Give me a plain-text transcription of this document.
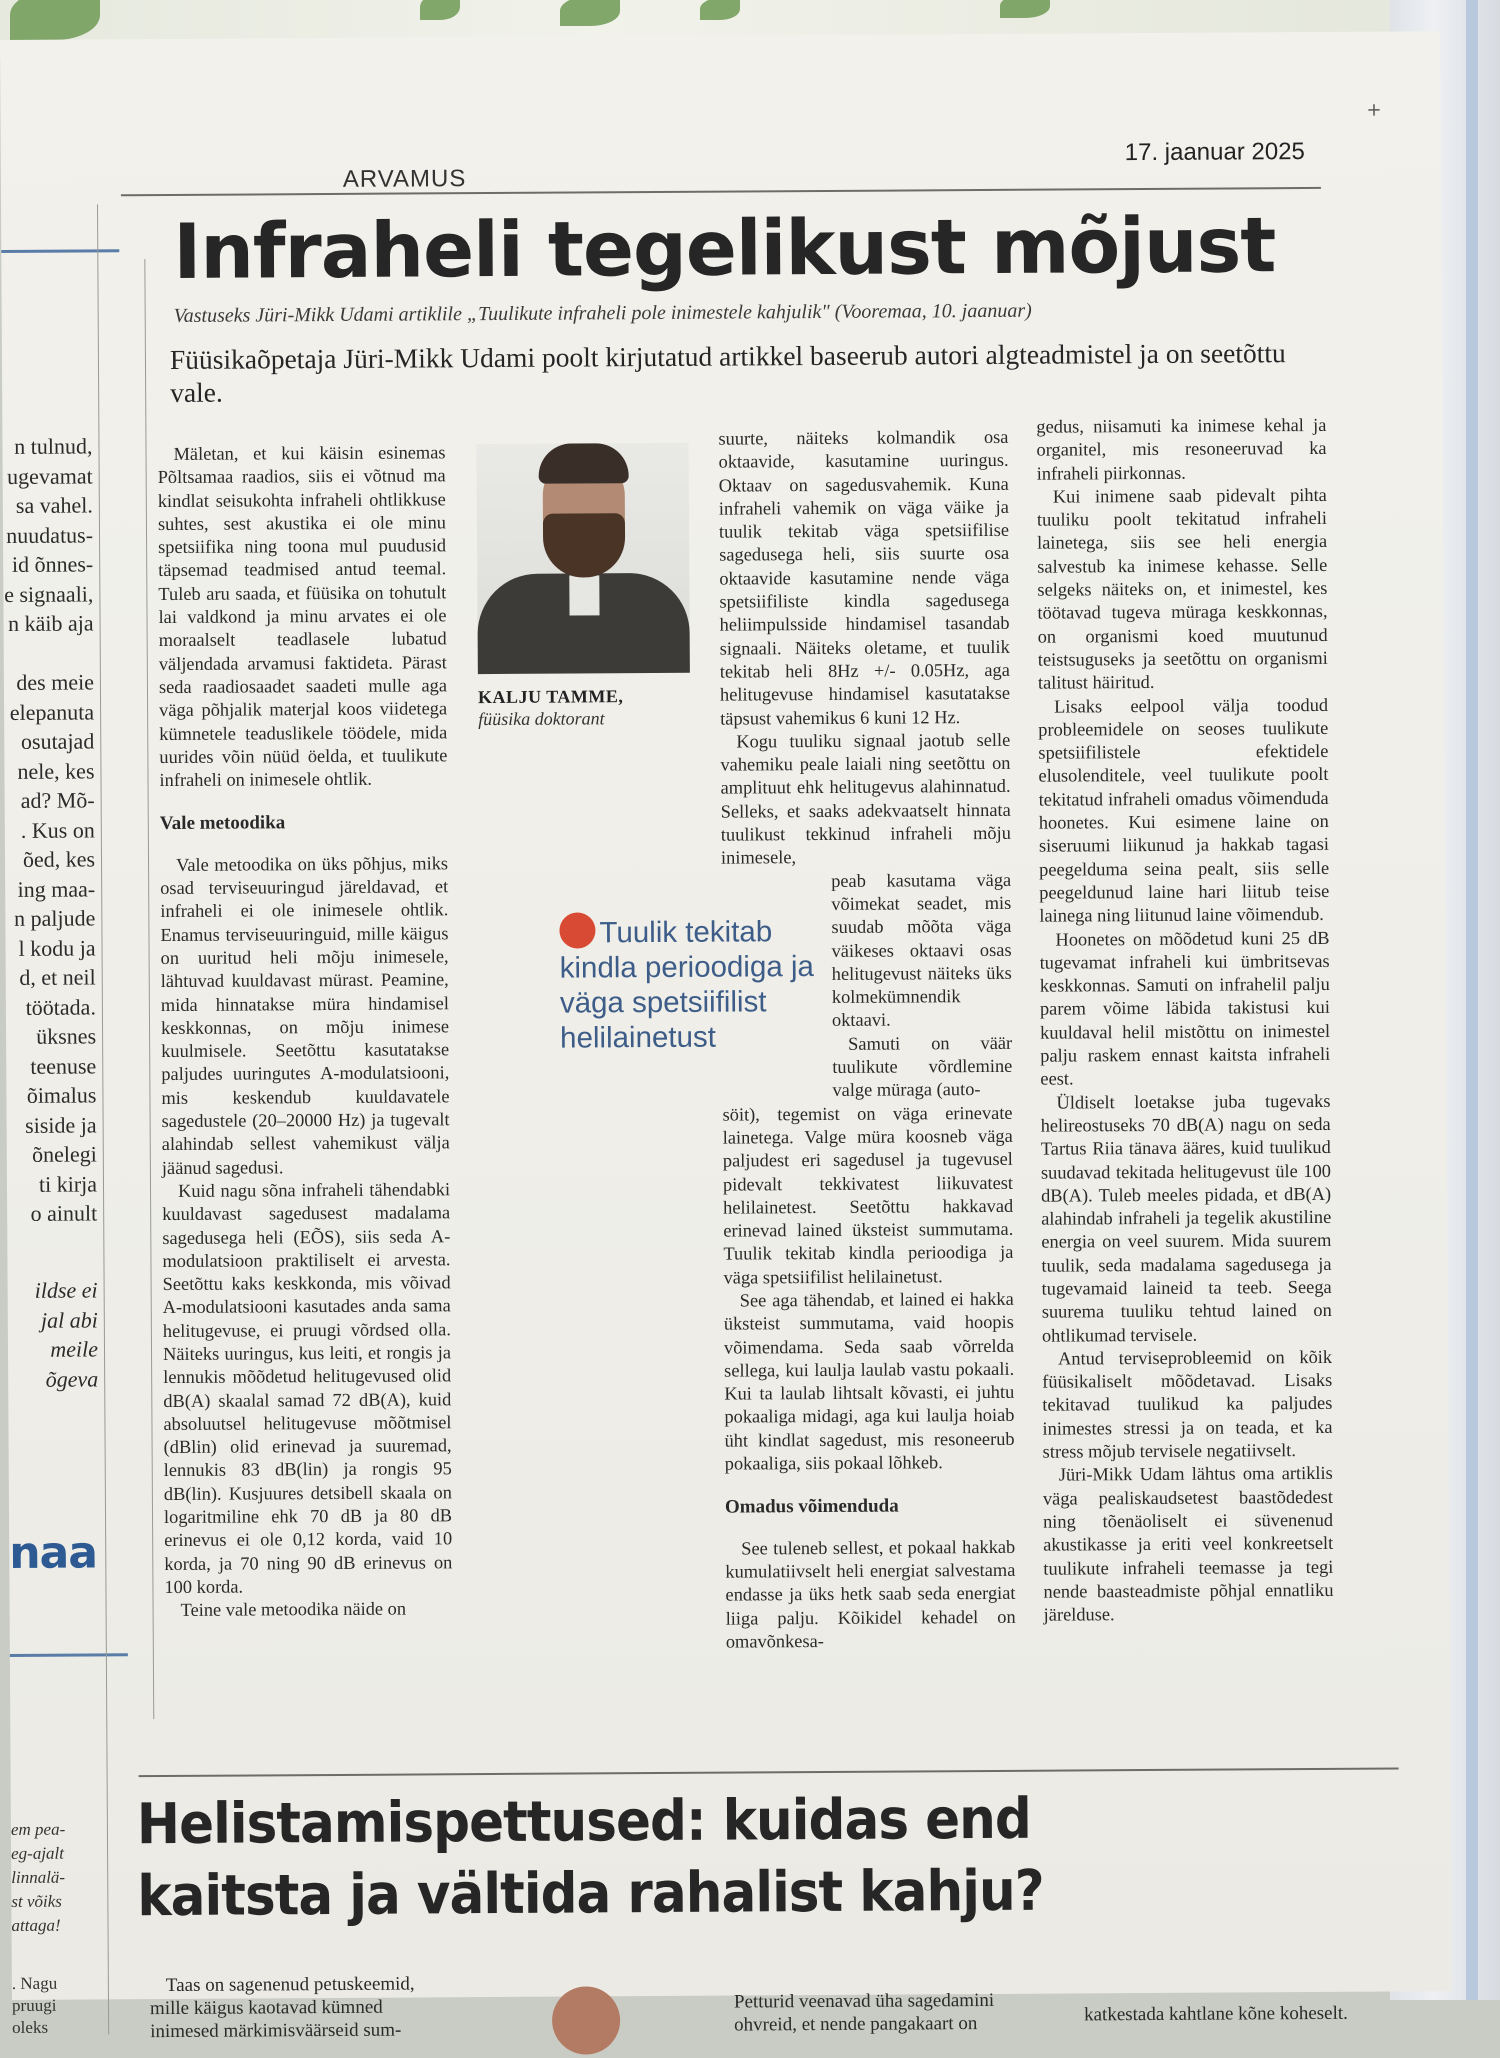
n tulnud,
ugevamat
sa vahel.
nuudatus-
id õnnes-
e signaali,
n käib aja
des meie
elepanuta
osutajad
nele, kes
ad? Mõ-
. Kus on
õed, kes
ing maa-
n paljude
l kodu ja
d, et neil
töötada.
üksnes
teenuse
õimalus
siside ja
õnelegi
ti kirja
o ainult
ildse ei
jal abi
meile
õgeva
naa
em pea-
eg-ajalt
linnalä-
st võiks
attaga!
. Nagu
pruugi
oleks
ARVAMUS
17. jaanuar 2025
+
Infraheli tegelikust mõjust
Vastuseks Jüri-Mikk Udami artiklile „Tuulikute infraheli pole inimestele kahjulik" (Vooremaa, 10. jaanuar)
Füüsikaõpetaja Jüri-Mikk Udami poolt kirjutatud artikkel baseerub autori algteadmistel ja on seetõttu vale.
KALJU TAMME,
füüsika doktorant

Mäletan, et kui käisin esinemas Põltsamaa raadios, siis ei võtnud ma kindlat seisukohta infraheli ohtlikkuse suhtes, sest akustika ei ole minu spetsiifika ning toona mul puudusid täpsemad teadmised antud teemal. Tuleb aru saada, et füüsika on tohutult lai valdkond ja minu arvates ei ole moraalselt teadlasele lubatud väljendada arvamusi faktideta. Pärast seda raadiosaadet saadeti mulle aga väga põhjalik materjal koos viidetega kümnetele teaduslikele töödele, mida uurides võin nüüd öelda, et tuulikute infraheli on inimesele ohtlik.

Vale metoodika

Vale metoodika on üks põhjus, miks osad terviseuuringud järeldavad, et infraheli ei ole inimesele ohtlik. Enamus terviseuuringuid, mille käigus on uuritud heli mõju inimesele, lähtuvad kuuldavast mürast. Peamine, mida hinnatakse müra hindamisel keskkonnas, on mõju inimese kuulmisele. Seetõttu kasutatakse paljudes uuringutes A-modulatsiooni, mis keskendub kuuldavatele sagedustele (20–20000 Hz) ja tugevalt alahindab sellest vahemikust välja jäänud sagedusi.

Kuid nagu sõna infraheli tähendabki kuuldavast sagedusest madalama sagedusega heli (EÕS), siis seda A-modulatsioon praktiliselt ei arvesta. Seetõttu kaks keskkonda, mis võivad A-modulatsiooni kasutades anda sama helitugevuse, ei pruugi võrdsed olla. Näiteks uuringus, kus leiti, et rongis ja lennukis mõõdetud helitugevused olid dB(A) skaalal samad 72 dB(A), kuid absoluutsel helitugevuse mõõtmisel (dBlin) olid erinevad ja suuremad, lennukis 83 dB(lin) ja rongis 95 dB(lin). Kusjuures detsibell skaala on logaritmiline ehk 70 dB ja 80 dB erinevus ei ole 0,12 korda, vaid 10 korda, ja 70 ning 90 dB erinevus on 100 korda.

Teine vale metoodika näide on

suurte, näiteks kolmandik osa oktaavide, kasutamine uuringus. Oktaav on sagedusvahemik. Kuna infraheli vahemik on väga väike ja tuulik tekitab väga spetsiifilise sagedusega heli, siis suurte osa oktaavide kasutamine nende väga spetsiifiliste kindla sagedusega heliimpulsside hindamisel tasandab signaali. Näiteks oletame, et tuulik tekitab heli 8Hz +/- 0.05Hz, aga helitugevuse hindamisel kasutatakse täpsust vahemikus 6 kuni 12 Hz.

Kogu tuuliku signaal jaotub selle vahemiku peale laiali ning seetõttu on amplituut ehk helitugevus alahinnatud. Selleks, et saaks adekvaatselt hinnata tuulikust tekkinud infraheli mõju inimesele,

peab kasutama väga võimekat seadet, mis suudab mõõta väga väikeses oktaavi osas helitugevust näiteks üks kolmekümnendik oktaavi.

Samuti on väär tuulikute võrdlemine valge müraga (auto-

söit), tegemist on väga erinevate lainetega. Valge müra koosneb väga paljudest eri sagedusel ja tugevusel pidevalt tekkivatest liikuvatest helilainetest. Seetõttu hakkavad erinevad lained üksteist summutama. Tuulik tekitab kindla perioodiga ja väga spetsiifilist helilainetust.

See aga tähendab, et lained ei hakka üksteist summutama, vaid hoopis võimendama. Seda saab võrrelda sellega, kui laulja laulab vastu pokaali. Kui ta laulab lihtsalt kõvasti, ei juhtu pokaaliga midagi, aga kui laulja hoiab üht kindlat sagedust, mis resoneerub pokaaliga, siis pokaal lõhkeb.

Omadus võimenduda

See tuleneb sellest, et pokaal hakkab kumulatiivselt heli energiat salvestama endasse ja üks hetk saab seda energiat liiga palju. Kõikidel kehadel on omavõnkesa-

Tuulik tekitab kindla perioodiga ja väga spetsiifilist helilainetust

gedus, niisamuti ka inimese kehal ja organitel, mis resoneeruvad ka infraheli piirkonnas.

Kui inimene saab pidevalt pihta tuuliku poolt tekitatud infraheli lainetega, siis see heli energia salvestub ka inimese kehasse. Selle selgeks näiteks on, et inimestel, kes töötavad tugeva müraga keskkonnas, on organismi koed muutunud teistsuguseks ja seetõttu on organismi talitust häiritud.

Lisaks eelpool välja toodud probleemidele on seoses tuulikute spetsiifilistele efektidele elusolenditele, veel tuulikute poolt tekitatud infraheli omadus võimenduda hoonetes. Kui esimene laine on siseruumi liikunud ja hakkab tagasi peegelduma seina pealt, siis selle peegeldunud laine hari liitub teise lainega ning liitunud laine võimendub.

Hoonetes on mõõdetud kuni 25 dB tugevamat infraheli kui ümbritsevas keskkonnas. Samuti on infrahelil palju parem võime läbida takistusi kui kuuldaval helil mistõttu on inimestel palju raskem ennast kaitsta infraheli eest.

Üldiselt loetakse juba tugevaks helireostuseks 70 dB(A) nagu on seda Tartus Riia tänava ääres, kuid tuulikud suudavad tekitada helitugevust üle 100 dB(A). Tuleb meeles pidada, et dB(A) alahindab infraheli ja tegelik akustiline energia on veel suurem. Mida suurem tuulik, seda madalama sagedusega ja tugevamaid laineid ta teeb. Seega suurema tuuliku tehtud lained on ohtlikumad tervisele.

Antud terviseprobleemid on kõik füüsikaliselt mõõdetavad. Lisaks tekitavad tuulikud ka paljudes inimestes stressi ja on teada, et ka stress mõjub tervisele negatiivselt.

Jüri-Mikk Udam lähtus oma artiklis väga pealiskaudsetest baastõdedest ning tõenäoliselt ei süvenenud akustikasse ja eriti veel konkreetselt tuulikute infraheli teemasse ja tegi nende baasteadmiste põhjal ennatliku järelduse.

Helistamispettused: kuidas end kaitsta ja vältida rahalist kahju?
Taas on sagenenud petuskeemid,
mille käigus kaotavad kümned
inimesed märkimisväärseid sum-
Petturid veenavad üha sagedamini
ohvreid, et nende pangakaart on	katkestada kahtlane kõne koheselt.
